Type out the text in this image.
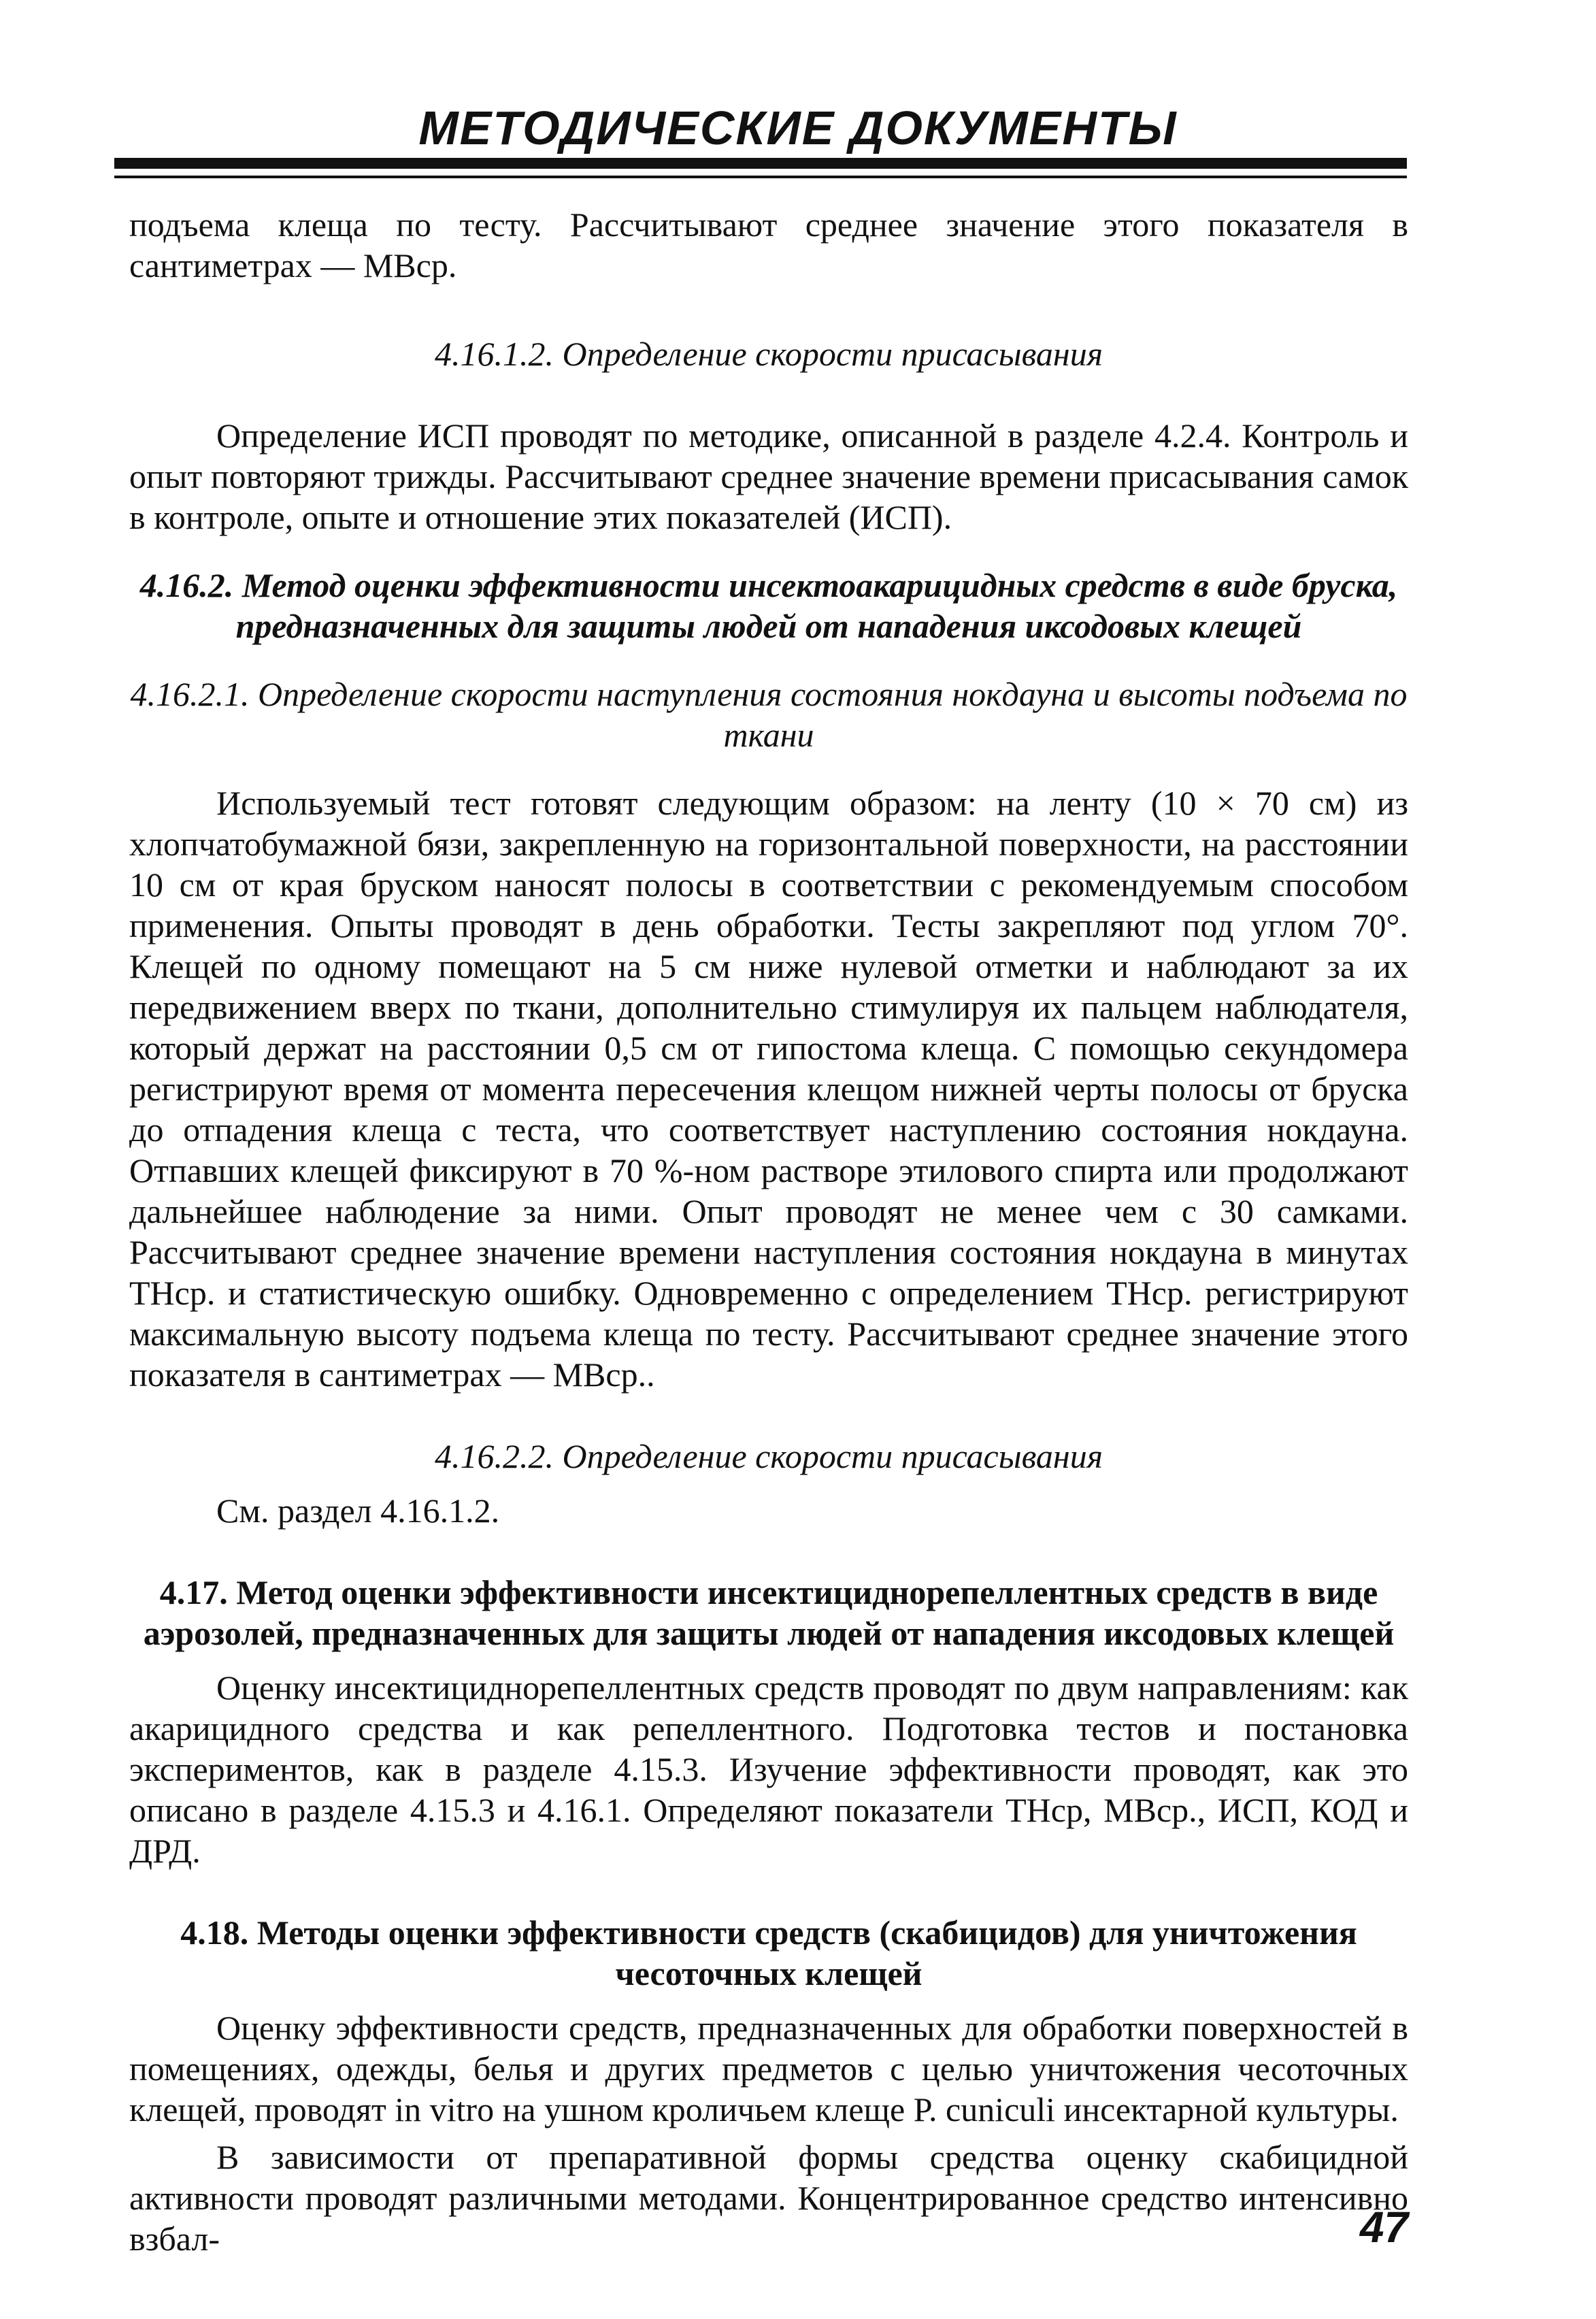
МЕТОДИЧЕСКИЕ ДОКУМЕНТЫ

подъема клеща по тесту. Рассчитывают среднее значение этого показателя в сантиметрах — МВср.

4.16.1.2. Определение скорости присасывания

Определение ИСП проводят по методике, описанной в разделе 4.2.4. Контроль и опыт повторяют трижды. Рассчитывают среднее значение времени присасывания самок в контроле, опыте и отношение этих показателей (ИСП).

4.16.2. Метод оценки эффективности инсектоакарицидных средств в виде бруска, предназначенных для защиты людей от нападения иксодовых клещей

4.16.2.1. Определение скорости наступления состояния нокдауна и высоты подъема по ткани

Используемый тест готовят следующим образом: на ленту (10 × 70 см) из хлопчатобумажной бязи, закрепленную на горизонтальной поверхности, на расстоянии 10 см от края бруском наносят полосы в соответствии с рекомендуемым способом применения. Опыты проводят в день обработки. Тесты закрепляют под углом 70°. Клещей по одному помещают на 5 см ниже нулевой отметки и наблюдают за их передвижением вверх по ткани, дополнительно стимулируя их пальцем наблюдателя, который держат на расстоянии 0,5 см от гипостома клеща. С помощью секундомера регистрируют время от момента пересечения клещом нижней черты полосы от бруска до отпадения клеща с теста, что соответствует наступлению состояния нокдауна. Отпавших клещей фиксируют в 70 %-ном растворе этилового спирта или продолжают дальнейшее наблюдение за ними. Опыт проводят не менее чем с 30 самками. Рассчитывают среднее значение времени наступления состояния нокдауна в минутах ТНср. и статистическую ошибку. Одновременно с определением ТНср. регистрируют максимальную высоту подъема клеща по тесту. Рассчитывают среднее значение этого показателя в сантиметрах — МВср..

4.16.2.2. Определение скорости присасывания

См. раздел 4.16.1.2.

4.17. Метод оценки эффективности инсектициднорепеллентных средств в виде аэрозолей, предназначенных для защиты людей от нападения иксодовых клещей

Оценку инсектициднорепеллентных средств проводят по двум направлениям: как акарицидного средства и как репеллентного. Подготовка тестов и постановка экспериментов, как в разделе 4.15.3. Изучение эффективности проводят, как это описано в разделе 4.15.3 и 4.16.1. Определяют показатели ТНср, МВср., ИСП, КОД и ДРД.

4.18. Методы оценки эффективности средств (скабицидов) для уничтожения чесоточных клещей

Оценку эффективности средств, предназначенных для обработки поверхностей в помещениях, одежды, белья и других предметов с целью уничтожения чесоточных клещей, проводят in vitro на ушном кроличьем клеще P. cuniculi инсектарной культуры.

В зависимости от препаративной формы средства оценку скабицидной активности проводят различными методами. Концентрированное средство интенсивно взбал-	47
